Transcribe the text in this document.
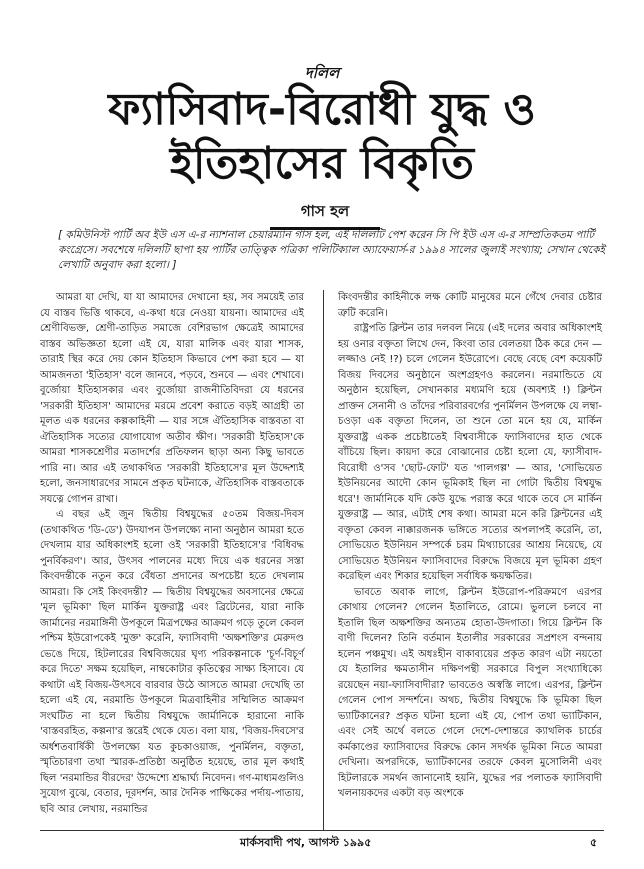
দলিল
ফ্যাসিবাদ-বিরোধী যুদ্ধ ও
ইতিহাসের বিকৃতি
গাস হল
[ কমিউনিস্ট পার্টি অব ইউ এস এ-র ন্যাশনাল চেয়ারম্যান গাস হল, এই দলিলটি পেশ করেন সি পি ইউ এস এ-র সাম্প্রতিকতম পার্টি কংগ্রেসে। সবশেষে দলিলটি ছাপা হয় পার্টির তাত্ত্বিক পত্রিকা পলিটিক্যাল অ্যাফেয়ার্স-র ১৯৯৪ সালের জুলাই সংখ্যায়; সেখান থেকেই লেখাটি অনুবাদ করা হলো। ]

আমরা যা দেখি, যা যা আমাদের দেখানো হয়, সব সময়েই তার যে বাস্তব ভিত্তি থাকবে, এ-কথা ধরে নেওয়া যায়না। আমাদের এই শ্রেণীবিভক্ত, শ্রেণী-তাড়িত সমাজে বেশিরভাগ ক্ষেত্রেই আমাদের বাস্তব অভিজ্ঞতা হলো এই যে, যারা মালিক এবং যারা শাসক, তারাই স্থির করে দেয় কোন ইতিহাস কিভাবে পেশ করা হবে — যা আমজনতা 'ইতিহাস' বলে জানবে, পড়বে, শুনবে — এবং শেখাবে। বুর্জোয়া ইতিহাসকার এবং বুর্জোয়া রাজনীতিবিদরা যে ধরনের 'সরকারী ইতিহাস' আমাদের মরমে প্রবেশ করাতে বড়ই আগ্রহী তা মূলত এক ধরনের কল্পকাহিনী — যার সঙ্গে ঐতিহাসিক বাস্তবতা বা ঐতিহাসিক সত্যের যোগাযোগ অতীব ক্ষীণ। 'সরকারী ইতিহাস'কে আমরা শাসকশ্রেণীর মতাদর্শের প্রতিফলন ছাড়া অন্য কিছু ভাবতে পারি না। আর এই তথাকথিত 'সরকারী ইতিহাসে'র মূল উদ্দেশ্যই হলো, জনসাধারণের সামনে প্রকৃত ঘটনাকে, ঐতিহাসিক বাস্তবতাকে সযত্নে গোপন রাখা।

এ বছর ৬ই জুন দ্বিতীয় বিশ্বযুদ্ধের ৫০তম বিজয়-দিবস (তথাকথিত 'ডি-ডে') উদযাপন উপলক্ষ্যে নানা অনুষ্ঠান আমরা হতে দেখলাম যার অধিকাংশই হলো ওই 'সরকারী ইতিহাসে'র 'বিধিবদ্ধ পুনর্বিকরণ'। আর, উৎসব পালনের মধ্যে দিয়ে এক ধরনের সস্তা কিংবদন্তীকে নতুন করে বেঁধতা প্রদানের অপচেষ্টা হতে দেখলাম আমরা। কি সেই কিংবদন্তী? — দ্বিতীয় বিশ্বযুদ্ধের অবসানের ক্ষেত্রে 'মূল ভূমিকা' ছিল মার্কিন যুক্তরাষ্ট্র এবং ব্রিটেনের, যারা নাকি জার্মানের নরমাঙ্গিনী উপকূলে মিত্রপক্ষের আক্রমণ গড়ে তুলে কেবল পশ্চিম ইউরোপকেই 'মুক্ত' করেনি, ফ্যাসিবাদী 'অক্ষশক্তি'র মেরুদণ্ড ভেঙে দিয়ে, হিটলারের বিশ্ববিজয়ের ঘৃণ্য পরিকল্পনাকে 'চূর্ণ-বিচূর্ণ করে দিতে' সক্ষম হয়েছিল, নাম্বকোটার কৃতিত্বের সাক্ষ্য হিসাবে। যে কথাটা এই বিজয়-উৎসবে বারবার উঠে আসতে আমরা দেখেছি তা হলো এই যে, নরমান্ডি উপকূলে মিত্রবাহিনীর সম্মিলিত আক্রমণ সংঘটিত না হলে দ্বিতীয় বিশ্বযুদ্ধে জার্মানিকে হারানো নাকি 'বাস্তবরহিত, কল্পনা'র স্তরেই থেকে যেত। বলা যায়, 'বিজয়-দিবসে'র অর্ধশতবার্ষিকী উপলক্ষ্যে যত কুচকাওয়াজ, পুনর্মিলন, বক্তৃতা, স্মৃতিচারণা তথা স্মারক-প্রতিষ্ঠা অনুষ্ঠিত হয়েছে, তার মূল কথাই ছিল 'নরমান্ডির বীরদের' উদ্দেশ্যে শ্রদ্ধার্ঘ্য নিবেদন। গণ-মাধ্যমগুলিও সুযোগ বুঝে, বেতার, দূরদর্শন, আর দৈনিক পাক্ষিকের পর্দায়-পাতায়, ছবি আর লেখায়, নরমান্ডির

কিংবদন্তীর কাহিনীকে লক্ষ কোটি মানুষের মনে গেঁথে দেবার চেষ্টার ত্রুটি করেনি।

রাষ্ট্রপতি ক্লিন্টন তার দলবল নিয়ে (এই দলের অবার অধিকাংশই হয় ওনার বক্তৃতা লিখে দেন, কিংবা তার বেলতয়া ঠিক করে দেন — লজ্জাও নেই !?) চলে গেলেন ইউরোপে। বেছে বেছে বেশ কয়েকটি বিজয় দিবসের অনুষ্ঠানে অংশগ্রহণও করলেন। নরমান্ডিতে যে অনুষ্ঠান হয়েছিল, সেখানকার মধ্যমণি হয়ে (অবশ্যই !) ক্লিন্টন প্রাক্তন সেনানী ও তাঁদের পরিবারবর্গের পুনর্মিলন উপলক্ষে যে লম্বা-চওড়া এক বক্তৃতা দিলেন, তা শুনে তো মনে হয় যে, মার্কিন যুক্তরাষ্ট্র একক প্রচেষ্টাতেই বিশ্ববাসীকে ফ্যাসিবাদের হাত থেকে বাঁচিয়ে ছিল। কায়দা করে বোঝানোর চেষ্টা হলো যে, ফ্যাসীবাদ-বিরোধী ও'সব 'ছোট-ফোট' যত 'গালগল্প' — আর, 'সোভিয়েত ইউনিয়নের আদৌ কোন ভূমিকাই ছিল না গোটা দ্বিতীয় বিশ্বযুদ্ধ ধরে'! জার্মানিকে যদি কেউ যুদ্ধে পরাস্ত করে থাকে তবে সে মার্কিন যুক্তরাষ্ট্র — আর, এটাই শেষ কথা। আমরা মনে করি ক্লিন্টনের এই বক্তৃতা কেবল নাক্কারজনক ভঙ্গিতে সত্যের অপলাপই করেনি, তা, সোভিয়েত ইউনিয়ন সম্পর্কে চরম মিথ্যাচারের আশ্রয় নিয়েছে, যে সোভিয়েত ইউনিয়ন ফ্যাসিবাদের বিরুদ্ধে বিজয়ে মূল ভূমিকা গ্রহণ করেছিল এবং শিকার হয়েছিল সর্বাধিক ক্ষয়ক্ষতির।

ভাবতে অবাক লাগে, ক্লিন্টন ইউরোপ-পরিক্রমণে এরপর কোথায় গেলেন? গেলেন ইতালিতে, রোমে। ভুললে চলবে না ইতালি ছিল অক্ষশক্তির অন্যতম হোতা-উদগাতা। গিয়ে ক্লিন্টন কি বাণী দিলেন? তিনি বর্তমান ইতালীর সরকারের সপ্রশংস বন্দনায় হলেন পঞ্চমুখ। এই অধঃহীন বাকাব্যয়ের প্রকৃত কারণ এটা নয়তো যে ইতালির ক্ষমতাসীন দক্ষিণপন্থী সরকারে বিপুল সংখ্যাধিক্যে রয়েছেন নয়া-ফ্যাসিবাদীরা? ভাবতেও অস্বস্তি লাগে। এরপর, ক্লিন্টন গেলেন পোপ সন্দর্শনে। অথচ, দ্বিতীয় বিশ্বযুদ্ধে কি ভূমিকা ছিল ভ্যাটিকানের? প্রকৃত ঘটনা হলো এই যে, পোপ তথা ভ্যাটিকান, এবং সেই অর্থে বলতে গেলে দেশে-দেশান্তরে ক্যাথলিক চার্চের কর্মকাণ্ডের ফ্যাসিবাদের বিরুদ্ধে কোন সদর্থক ভূমিকা নিতে আমরা দেখিনা। অপরদিকে, ভ্যাটিকানের তরফে কেবল মুসোলিনী এবং হিটলারকে সমর্থন জানানোই হয়নি, যুদ্ধের পর পলাতক ফ্যাসিবাদী খলনায়কদের একটা বড় অংশকে

মার্কসবাদী পথ, আগস্ট ১৯৯৫	৫
